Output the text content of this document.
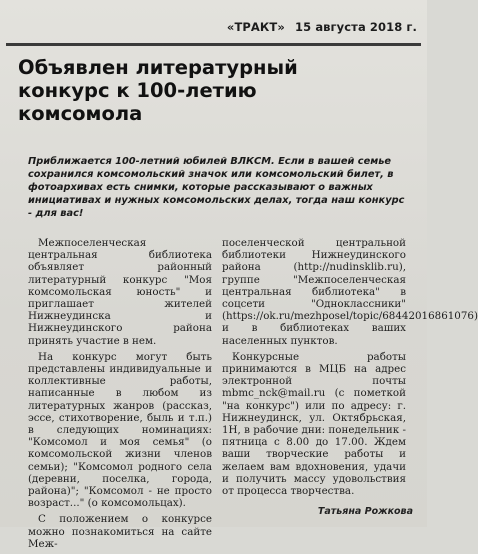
«ТРАКТ» 15 августа 2018 г.
Объявлен литературный конкурс к 100-летию комсомола
Приближается 100-летний юбилей ВЛКСМ. Если в вашей семье сохранился комсомольский значок или комсомольский билет, в фотоархивах есть снимки, которые рассказывают о важных инициативах и нужных комсомольских делах, тогда наш конкурс - для вас!

Межпоселенческая центральная библиотека объявляет районный литературный конкурс "Моя комсомольская юность" и приглашает жителей Нижнеудинска и Нижнеудинского района принять участие в нем.

На конкурс могут быть представлены индивидуальные и коллективные работы, написанные в любом из литературных жанров (рассказ, эссе, стихотворение, быль и т.п.) в следующих номинациях: "Комсомол и моя семья" (о комсомольской жизни членов семьи); "Комсомол родного села (деревни, поселка, города, района)"; "Комсомол - не просто возраст..." (о комсомольцах).

С положением о конкурсе можно познакомиться на сайте Меж-

поселенческой центральной библиотеки Нижнеудинского района (http://nudinsklib.ru), группе "Межпоселенческая центральная библиотека" в соцсети "Одноклассники" (https://ok.ru/mezhposel/topic/68442016861076) и в библиотеках ваших населенных пунктов.

Конкурсные работы принимаются в МЦБ на адрес электронной почты mbmc_nck@mail.ru (с пометкой "на конкурс") или по адресу: г. Нижнеудинск, ул. Октябрьская, 1Н, в рабочие дни: понедельник - пятница с 8.00 до 17.00. Ждем ваши творческие работы и желаем вам вдохновения, удачи и получить массу удовольствия от процесса творчества.

Татьяна Рожкова
